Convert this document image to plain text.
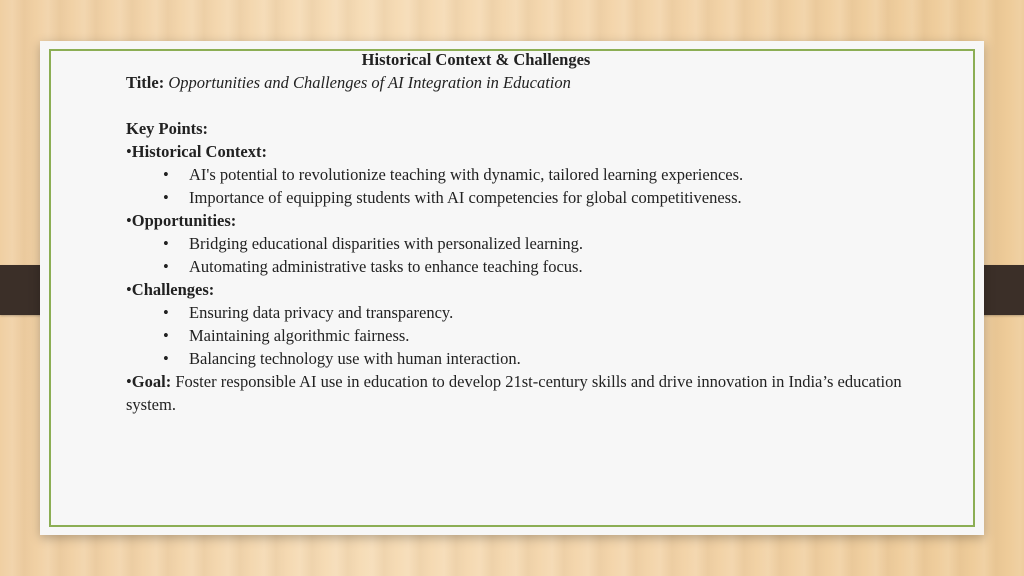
Historical Context & Challenges

Title: Opportunities and Challenges of AI Integration in Education

Key Points:

•Historical Context:

• AI's potential to revolutionize teaching with dynamic, tailored learning experiences.
• Importance of equipping students with AI competencies for global competitiveness.

•Opportunities:

• Bridging educational disparities with personalized learning.
• Automating administrative tasks to enhance teaching focus.

•Challenges:

• Ensuring data privacy and transparency.
• Maintaining algorithmic fairness.
• Balancing technology use with human interaction.

•Goal: Foster responsible AI use in education to develop 21st-century skills and drive innovation in India’s education system.
